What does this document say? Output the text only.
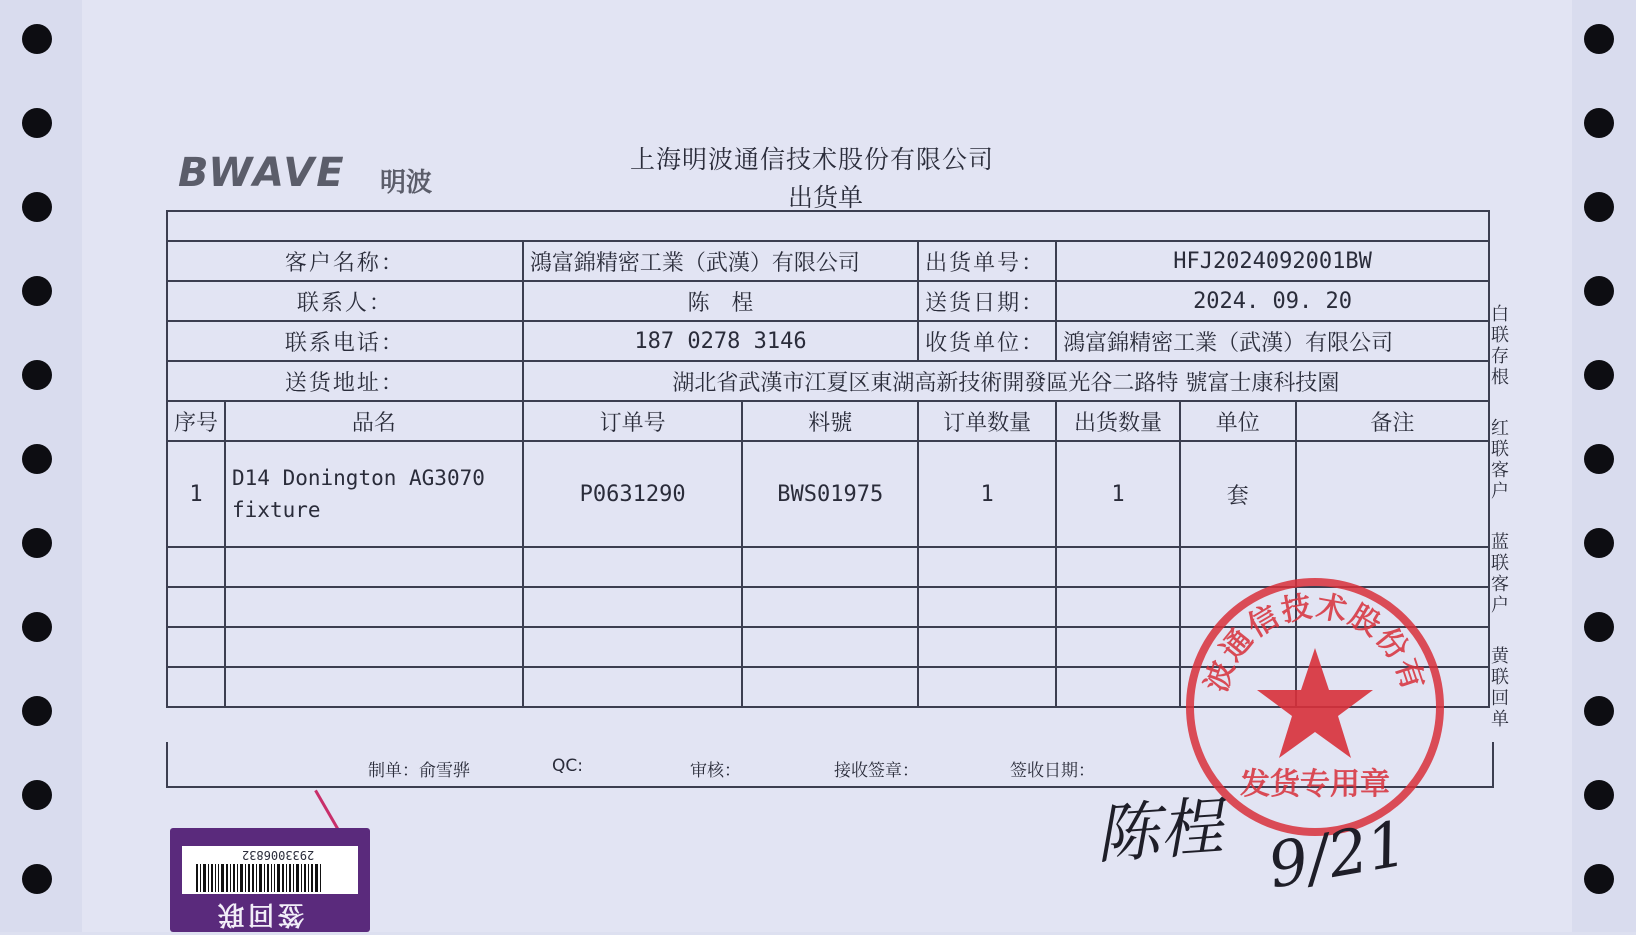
BWAVE 明波
上海明波通信技术股份有限公司
出货单

客户名称：		鴻富錦精密工業（武漢）有限公司		出货单号：	HFJ2024092001BW		
联系人：		陈　桯		送货日期：	2024. 09. 20		
联系电话：		187 0278 3146		收货单位：	鴻富錦精密工業（武漢）有限公司		
送货地址：		湖北省武漢市江夏区東湖高新技術開發區光谷二路特 號富士康科技園					
序号	品名	订单号	料號	订单数量	出货数量	单位	备注
1	D14 Donington AG3070 fixture	P0631290	BWS01975	1	1	套	

制单：俞雪骅	QC:	审核：	接收签章：	签收日期：
白联存根
红联客户
蓝联客户
黄联回单
波通信技术股份有
发货专用章
陈桯 9/21
2933006832
签回联
